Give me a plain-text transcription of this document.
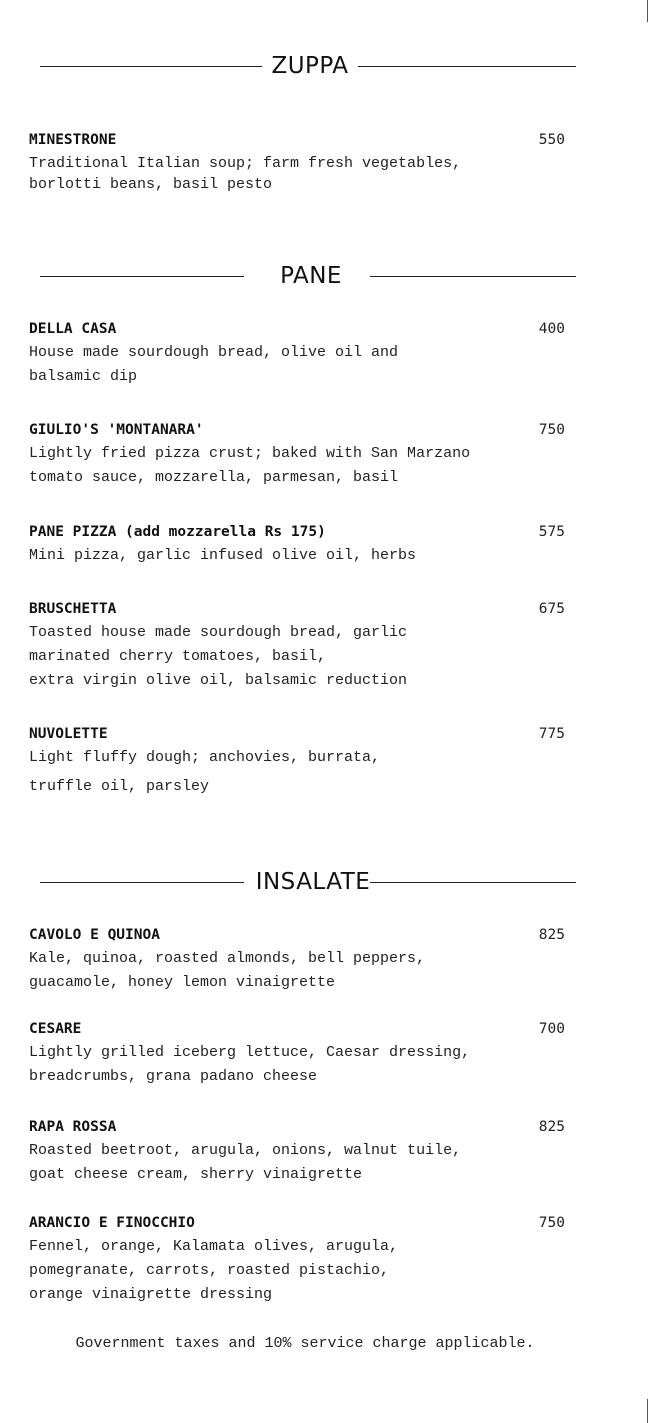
ZUPPA
MINESTRONE	550
Traditional Italian soup; farm fresh vegetables,
borlotti beans, basil pesto
PANE
DELLA CASA	400
House made sourdough bread, olive oil and
balsamic dip
GIULIO'S 'MONTANARA'	750
Lightly fried pizza crust; baked with San Marzano
tomato sauce, mozzarella, parmesan, basil
PANE PIZZA (add mozzarella Rs 175)	575
Mini pizza, garlic infused olive oil, herbs
BRUSCHETTA	675
Toasted house made sourdough bread, garlic
marinated cherry tomatoes, basil,
extra virgin olive oil, balsamic reduction
NUVOLETTE	775
Light fluffy dough; anchovies, burrata,
truffle oil, parsley
INSALATE
CAVOLO E QUINOA	825
Kale, quinoa, roasted almonds, bell peppers,
guacamole, honey lemon vinaigrette
CESARE	700
Lightly grilled iceberg lettuce, Caesar dressing,
breadcrumbs, grana padano cheese
RAPA ROSSA	825
Roasted beetroot, arugula, onions, walnut tuile,
goat cheese cream, sherry vinaigrette
ARANCIO E FINOCCHIO	750
Fennel, orange, Kalamata olives, arugula,
pomegranate, carrots, roasted pistachio,
orange vinaigrette dressing
Government taxes and 10% service charge applicable.
